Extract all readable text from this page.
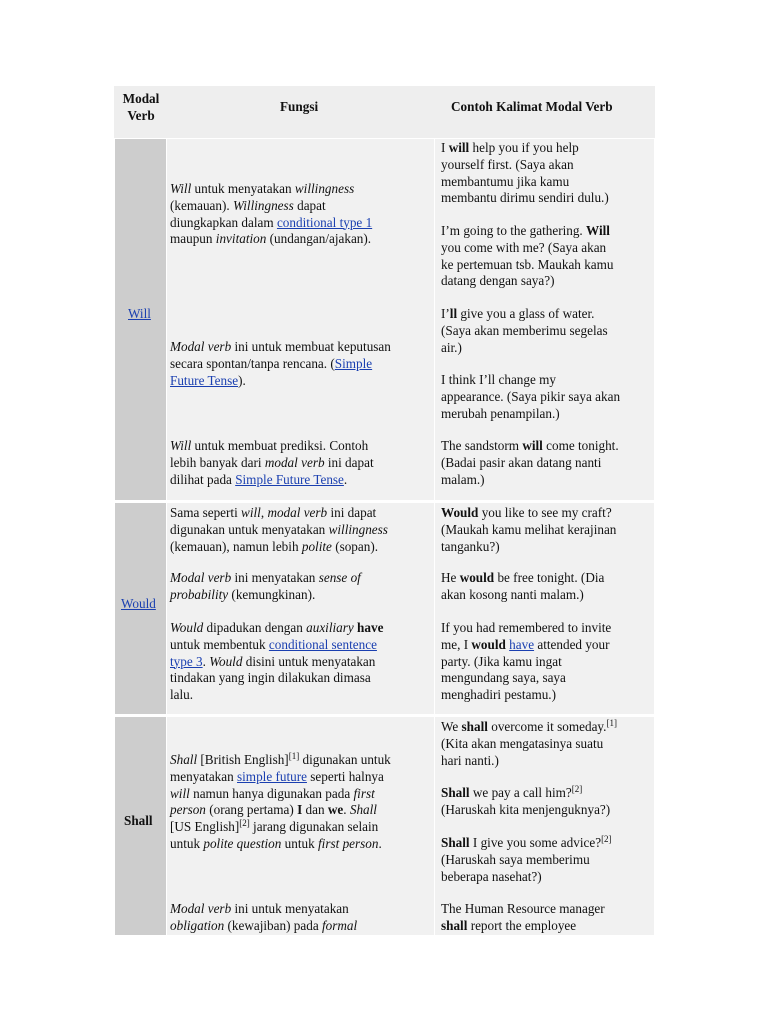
Modal
Verb
Fungsi	Contoh Kalimat Modal Verb
Will

Will untuk menyatakan willingness

(kemauan). Willingness dapat

diungkapkan dalam conditional type 1

maupun invitation (undangan/ajakan).

Modal verb ini untuk membuat keputusan

secara spontan/tanpa rencana. (Simple

Future Tense).

Will untuk membuat prediksi. Contoh

lebih banyak dari modal verb ini dapat

dilihat pada Simple Future Tense.

I will help you if you help

yourself first. (Saya akan

membantumu jika kamu

membantu dirimu sendiri dulu.)

I’m going to the gathering. Will

you come with me? (Saya akan

ke pertemuan tsb. Maukah kamu

datang dengan saya?)

I’ll give you a glass of water.

(Saya akan memberimu segelas

air.)

I think I’ll change my

appearance. (Saya pikir saya akan

merubah penampilan.)

The sandstorm will come tonight.

(Badai pasir akan datang nanti

malam.)

Would

Sama seperti will, modal verb ini dapat

digunakan untuk menyatakan willingness

(kemauan), namun lebih polite (sopan).

Modal verb ini menyatakan sense of

probability (kemungkinan).

Would dipadukan dengan auxiliary have

untuk membentuk conditional sentence

type 3. Would disini untuk menyatakan

tindakan yang ingin dilakukan dimasa

lalu.

Would you like to see my craft?

(Maukah kamu melihat kerajinan

tanganku?)

He would be free tonight. (Dia

akan kosong nanti malam.)

If you had remembered to invite

me, I would have attended your

party. (Jika kamu ingat

mengundang saya, saya

menghadiri pestamu.)

Shall

Shall [British English][1] digunakan untuk

menyatakan simple future seperti halnya

will namun hanya digunakan pada first

person (orang pertama) I dan we. Shall

[US English][2] jarang digunakan selain

untuk polite question untuk first person.

Modal verb ini untuk menyatakan

obligation (kewajiban) pada formal

We shall overcome it someday.[1]

(Kita akan mengatasinya suatu

hari nanti.)

Shall we pay a call him?[2]

(Haruskah kita menjenguknya?)

Shall I give you some advice?[2]

(Haruskah saya memberimu

beberapa nasehat?)

The Human Resource manager

shall report the employee
